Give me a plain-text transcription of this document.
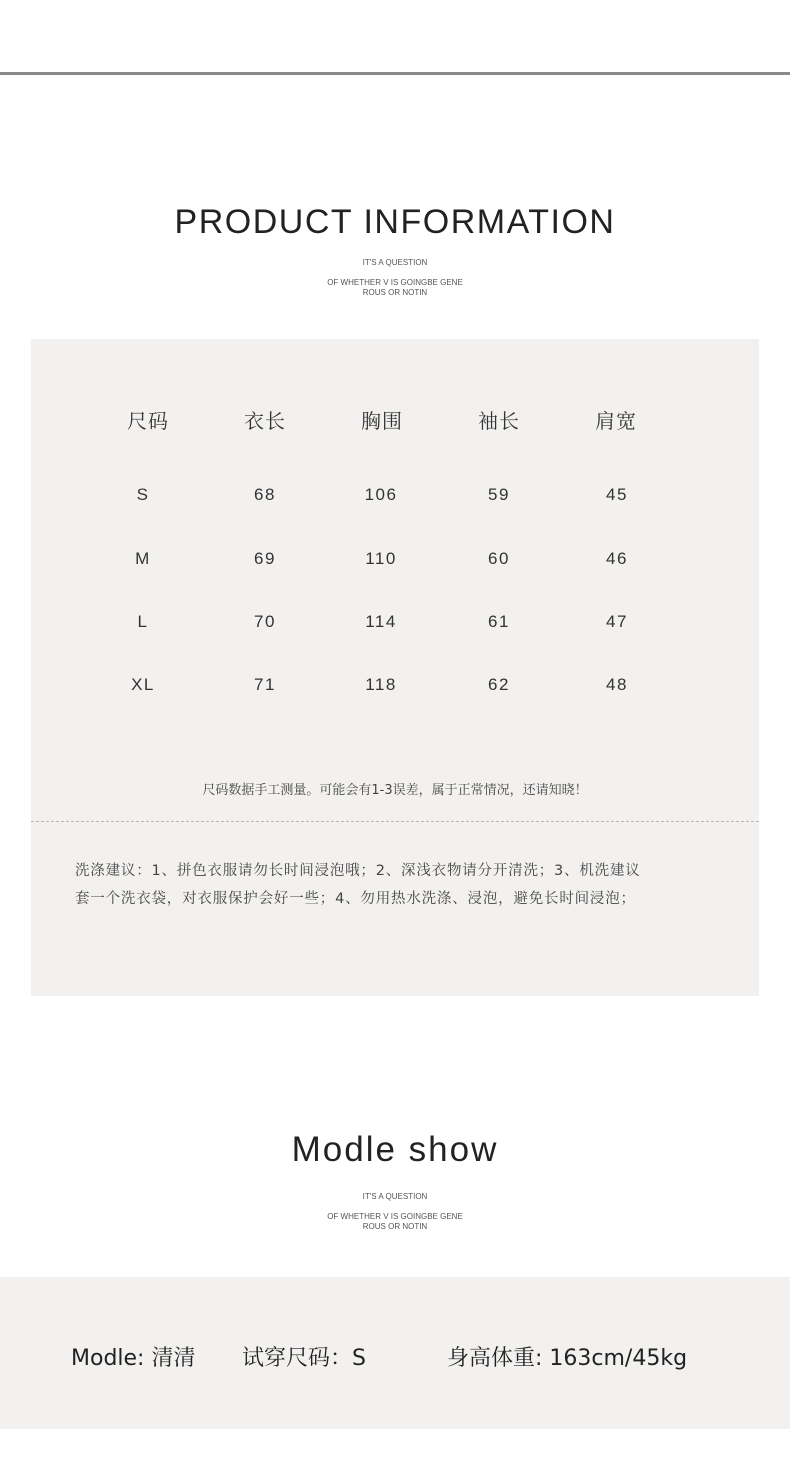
PRODUCT INFORMATION
IT'S A QUESTION
OF WHETHER V IS GOINGBE GENE
ROUS OR NOTIN
尺码	衣长	胸围	袖长	肩宽
S	68	106	59	45
M	69	110	60	46
L	70	114	61	47
XL	71	118	62	48

尺码数据手工测量。可能会有1-3误差，属于正常情况，还请知晓！

洗涤建议：1、拼色衣服请勿长时间浸泡哦；2、深浅衣物请分开清洗；3、机洗建议
套一个洗衣袋，对衣服保护会好一些；4、勿用热水洗涤、浸泡，避免长时间浸泡；
Modle show
IT'S A QUESTION
OF WHETHER V IS GOINGBE GENE
ROUS OR NOTIN
Modle: 清清 试穿尺码：S	身高体重: 163cm/45kg
